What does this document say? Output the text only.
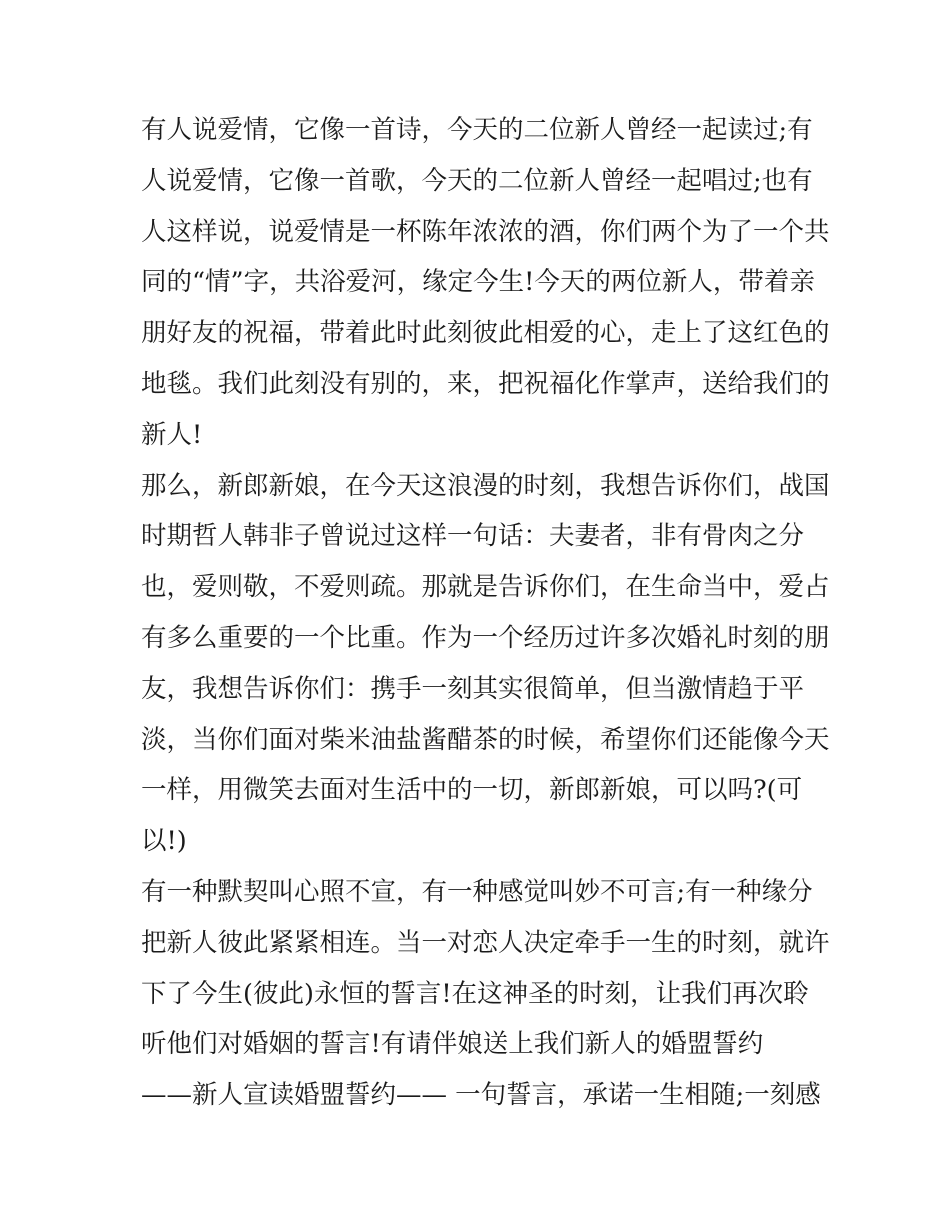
有人说爱情，它像一首诗，今天的二位新人曾经一起读过;有
人说爱情，它像一首歌，今天的二位新人曾经一起唱过;也有
人这样说，说爱情是一杯陈年浓浓的酒，你们两个为了一个共
同的“情”字，共浴爱河，缘定今生!今天的两位新人，带着亲
朋好友的祝福，带着此时此刻彼此相爱的心，走上了这红色的
地毯。我们此刻没有别的，来，把祝福化作掌声，送给我们的
新人!
那么，新郎新娘，在今天这浪漫的时刻，我想告诉你们，战国
时期哲人韩非子曾说过这样一句话：夫妻者，非有骨肉之分
也，爱则敬，不爱则疏。那就是告诉你们，在生命当中，爱占
有多么重要的一个比重。作为一个经历过许多次婚礼时刻的朋
友，我想告诉你们：携手一刻其实很简单，但当激情趋于平
淡，当你们面对柴米油盐酱醋茶的时候，希望你们还能像今天
一样，用微笑去面对生活中的一切，新郎新娘，可以吗?(可
以!)
有一种默契叫心照不宣，有一种感觉叫妙不可言;有一种缘分
把新人彼此紧紧相连。当一对恋人决定牵手一生的时刻，就许
下了今生(彼此)永恒的誓言!在这神圣的时刻，让我们再次聆
听他们对婚姻的誓言!有请伴娘送上我们新人的婚盟誓约
——新人宣读婚盟誓约—— 一句誓言，承诺一生相随;一刻感
